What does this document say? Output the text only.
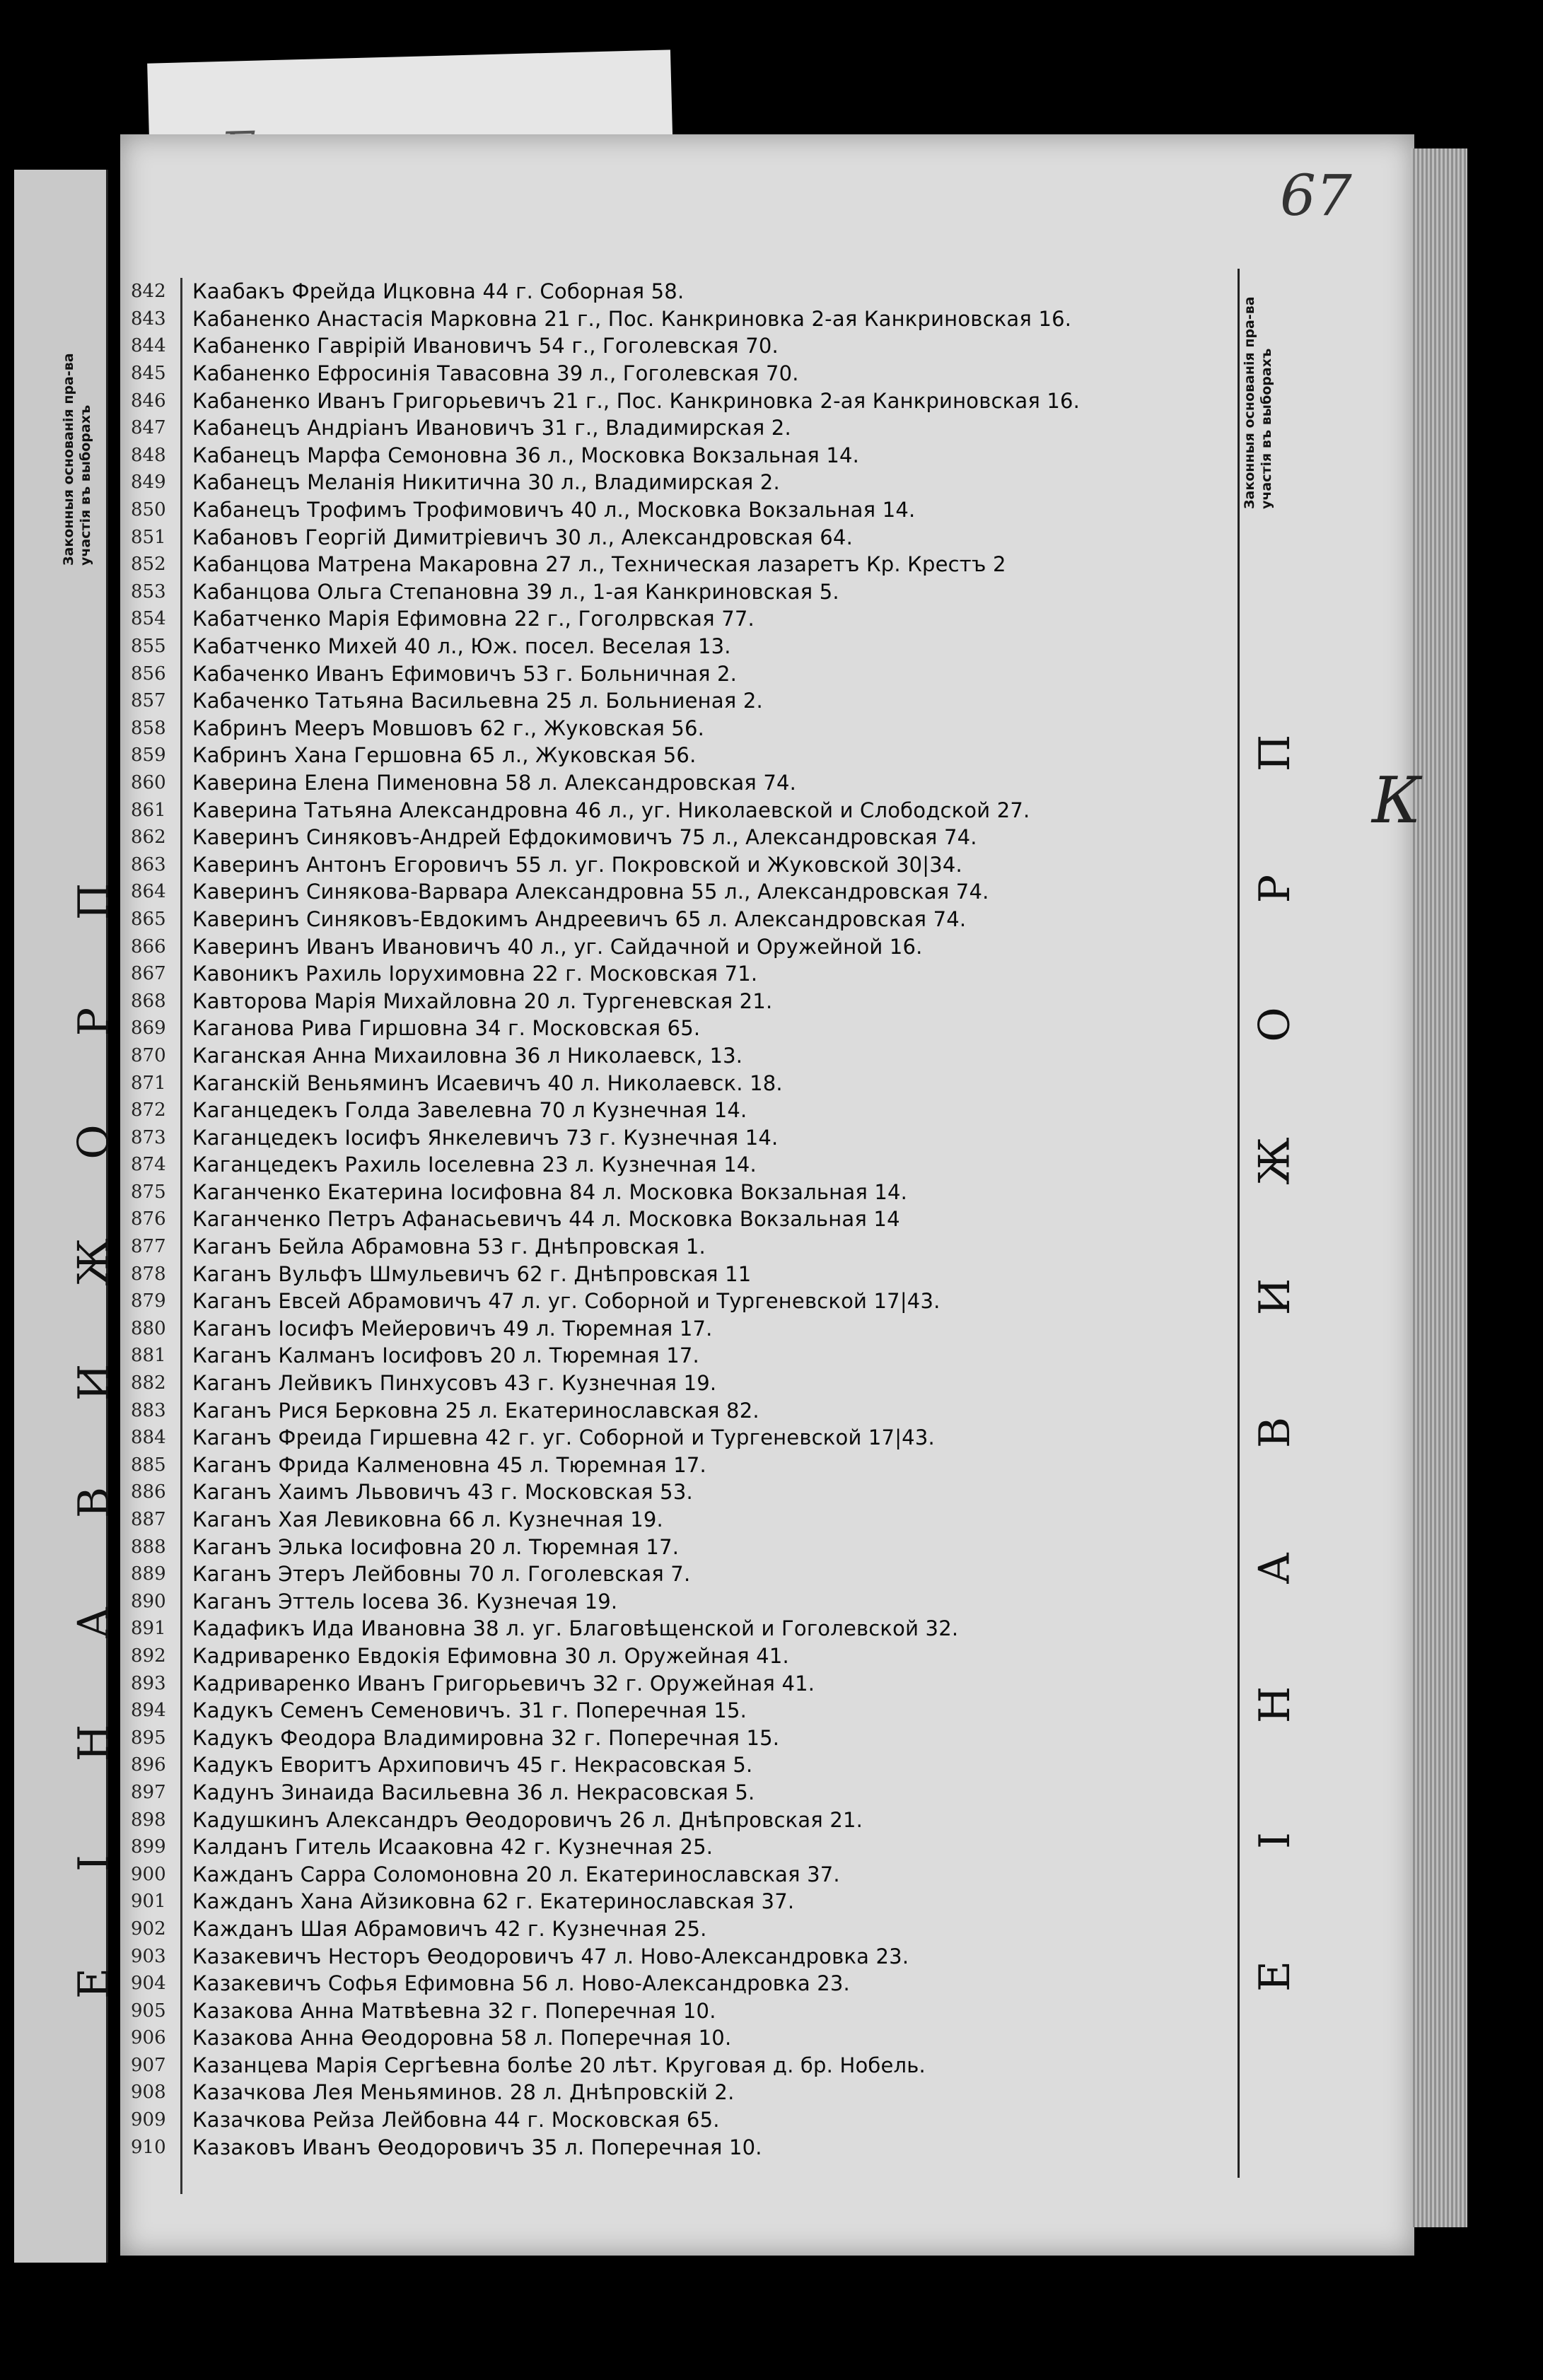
67
Законныя основанія пра-ва участія въ выборахъ	Законныя основанія пра-ва участія въ выборахъ
П
Р
О
Ж
И
В
А
Н
І
Е
П
Р
О
Ж
И
В
А
Н
І
Е
К
842	Каабакъ Фрейда Ицковна 44 г. Соборная 58.
843	Кабаненко Анастасія Марковна 21 г., Пос. Канкриновка 2-ая Канкриновская 16.
844	Кабаненко Гаврiрій Ивановичъ 54 г., Гоголевская 70.
845	Кабаненко Ефросинія Тавасовна 39 л., Гоголевская 70.
846	Кабаненко Иванъ Григорьевичъ 21 г., Пос. Канкриновка 2-ая Канкриновская 16.
847	Кабанецъ Андріанъ Ивановичъ 31 г., Владимирская 2.
848	Кабанецъ Марфа Семоновна 36 л., Московка Вокзальная 14.
849	Кабанецъ Меланія Никитична 30 л., Владимирская 2.
850	Кабанецъ Трофимъ Трофимовичъ 40 л., Московка Вокзальная 14.
851	Кабановъ Георгій Димитріевичъ 30 л., Александровская 64.
852	Кабанцова Матрена Макаровна 27 л., Техническая лазаретъ Кр. Крестъ 2
853	Кабанцова Ольга Степановна 39 л., 1-ая Канкриновская 5.
854	Кабатченко Марія Ефимовна 22 г., Гоголрвская 77.
855	Кабатченко Михей 40 л., Юж. посел. Веселая 13.
856	Кабаченко Иванъ Ефимовичъ 53 г. Больничная 2.
857	Кабаченко Татьяна Васильевна 25 л. Больниеная 2.
858	Кабринъ Мееръ Мовшовъ 62 г., Жуковская 56.
859	Кабринъ Хана Гершовна 65 л., Жуковская 56.
860	Каверина Елена Пименовна 58 л. Александровская 74.
861	Каверина Татьяна Александровна 46 л., уг. Николаевской и Слободской 27.
862	Каверинъ Синяковъ-Андрей Ефдокимовичъ 75 л., Александровская 74.
863	Каверинъ Антонъ Егоровичъ 55 л. уг. Покровской и Жуковской 30|34.
864	Каверинъ Синякова-Варвара Александровна 55 л., Александровская 74.
865	Каверинъ Синяковъ-Евдокимъ Андреевичъ 65 л. Александровская 74.
866	Каверинъ Иванъ Ивановичъ 40 л., уг. Сайдачной и Оружейной 16.
867	Кавоникъ Рахиль Іорухимовна 22 г. Московская 71.
868	Кавторова Марія Михайловна 20 л. Тургеневская 21.
869	Каганова Рива Гиршовна 34 г. Московская 65.
870	Каганская Анна Михаиловна 36 л Николаевск, 13.
871	Каганскій Веньяминъ Исаевичъ 40 л. Николаевск. 18.
872	Каганцедекъ Голда Завелевна 70 л Кузнечная 14.
873	Каганцедекъ Іосифъ Янкелевичъ 73 г. Кузнечная 14.
874	Каганцедекъ Рахиль Іоселевна 23 л. Кузнечная 14.
875	Каганченко Екатерина Іосифовна 84 л. Московка Вокзальная 14.
876	Каганченко Петръ Афанасьевичъ 44 л. Московка Вокзальная 14
877	Каганъ Бейла Абрамовна 53 г. Днѣпровская 1.
878	Каганъ Вульфъ Шмульевичъ 62 г. Днѣпровская 11
879	Каганъ Евсей Абрамовичъ 47 л. уг. Соборной и Тургеневской 17|43.
880	Каганъ Іосифъ Мейеровичъ 49 л. Тюремная 17.
881	Каганъ Калманъ Іосифовъ 20 л. Тюремная 17.
882	Каганъ Лейвикъ Пинхусовъ 43 г. Кузнечная 19.
883	Каганъ Рися Берковна 25 л. Екатеринославская 82.
884	Каганъ Фреида Гиршевна 42 г. уг. Соборной и Тургеневской 17|43.
885	Каганъ Фрида Калменовна 45 л. Тюремная 17.
886	Каганъ Хаимъ Львовичъ 43 г. Московская 53.
887	Каганъ Хая Левиковна 66 л. Кузнечная 19.
888	Каганъ Элька Іосифовна 20 л. Тюремная 17.
889	Каганъ Этеръ Лейбовны 70 л. Гоголевская 7.
890	Каганъ Эттель Іосева 36. Кузнечая 19.
891	Кадафикъ Ида Ивановна 38 л. уг. Благовѣщенской и Гоголевской 32.
892	Кадриваренко Евдокія Ефимовна 30 л. Оружейная 41.
893	Кадриваренко Иванъ Григорьевичъ 32 г. Оружейная 41.
894	Кадукъ Семенъ Семеновичъ. 31 г. Поперечная 15.
895	Кадукъ Феодора Владимировна 32 г. Поперечная 15.
896	Кадукъ Еворитъ Архиповичъ 45 г. Некрасовская 5.
897	Кадунъ Зинаида Васильевна 36 л. Некрасовская 5.
898	Кадушкинъ Александръ Ѳеодоровичъ 26 л. Днѣпровская 21.
899	Калданъ Гитель Исааковна 42 г. Кузнечная 25.
900	Кажданъ Сарра Соломоновна 20 л. Екатеринославская 37.
901	Кажданъ Хана Айзиковна 62 г. Екатеринославская 37.
902	Кажданъ Шая Абрамовичъ 42 г. Кузнечная 25.
903	Казакевичъ Несторъ Ѳеодоровичъ 47 л. Ново-Александровка 23.
904	Казакевичъ Софья Ефимовна 56 л. Ново-Александровка 23.
905	Казакова Анна Матвѣевна 32 г. Поперечная 10.
906	Казакова Анна Ѳеодоровна 58 л. Поперечная 10.
907	Казанцева Марія Сергѣевна болѣе 20 лѣт. Круговая д. бр. Нобель.
908	Казачкова Лея Меньяминов. 28 л. Днѣпровскій 2.
909	Казачкова Рейза Лейбовна 44 г. Московская 65.
910	Казаковъ Иванъ Ѳеодоровичъ 35 л. Поперечная 10.
